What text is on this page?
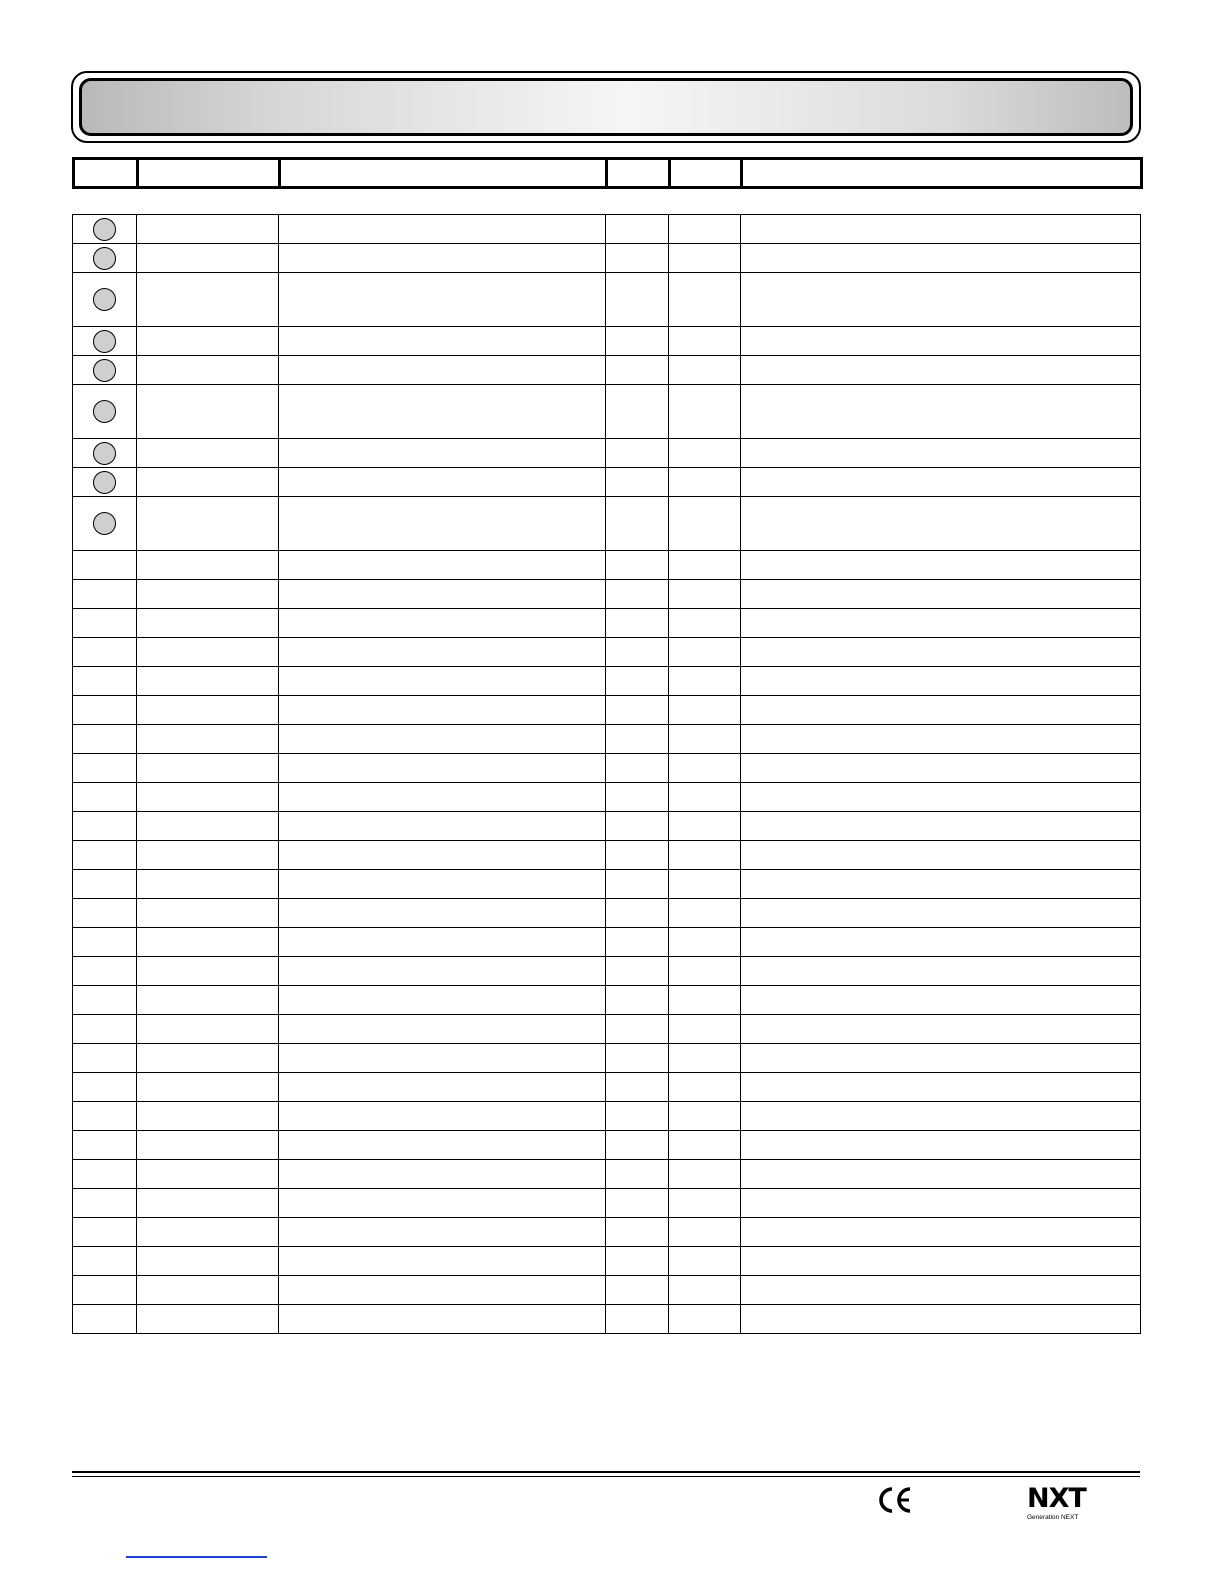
NXT
Generation NEXT
